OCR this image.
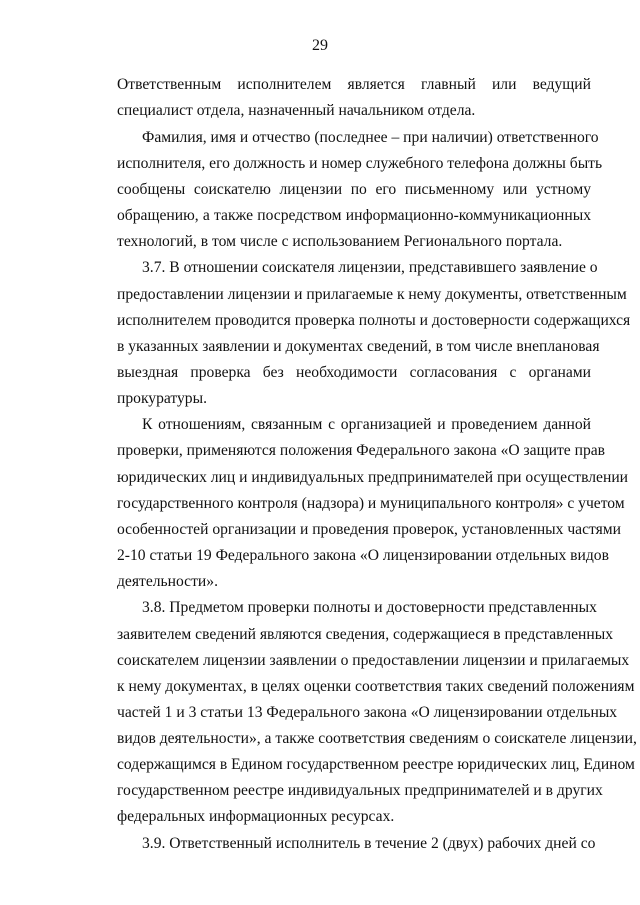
29
Ответственным исполнителем является главный или ведущий
специалист отдела, назначенный начальником отдела.
Фамилия, имя и отчество (последнее – при наличии) ответственного
исполнителя, его должность и номер служебного телефона должны быть
сообщены соискателю лицензии по его письменному или устному
обращению, а также посредством информационно-коммуникационных
технологий, в том числе с использованием Регионального портала.
3.7. В отношении соискателя лицензии, представившего заявление о
предоставлении лицензии и прилагаемые к нему документы, ответственным
исполнителем проводится проверка полноты и достоверности содержащихся
в указанных заявлении и документах сведений, в том числе внеплановая
выездная проверка без необходимости согласования с органами
прокуратуры.
К отношениям, связанным с организацией и проведением данной
проверки, применяются положения Федерального закона «О защите прав
юридических лиц и индивидуальных предпринимателей при осуществлении
государственного контроля (надзора) и муниципального контроля» с учетом
особенностей организации и проведения проверок, установленных частями
2-10 статьи 19 Федерального закона «О лицензировании отдельных видов
деятельности».
3.8. Предметом проверки полноты и достоверности представленных
заявителем сведений являются сведения, содержащиеся в представленных
соискателем лицензии заявлении о предоставлении лицензии и прилагаемых
к нему документах, в целях оценки соответствия таких сведений положениям
частей 1 и 3 статьи 13 Федерального закона «О лицензировании отдельных
видов деятельности», а также соответствия сведениям о соискателе лицензии,
содержащимся в Едином государственном реестре юридических лиц, Едином
государственном реестре индивидуальных предпринимателей и в других
федеральных информационных ресурсах.
3.9. Ответственный исполнитель в течение 2 (двух) рабочих дней со
